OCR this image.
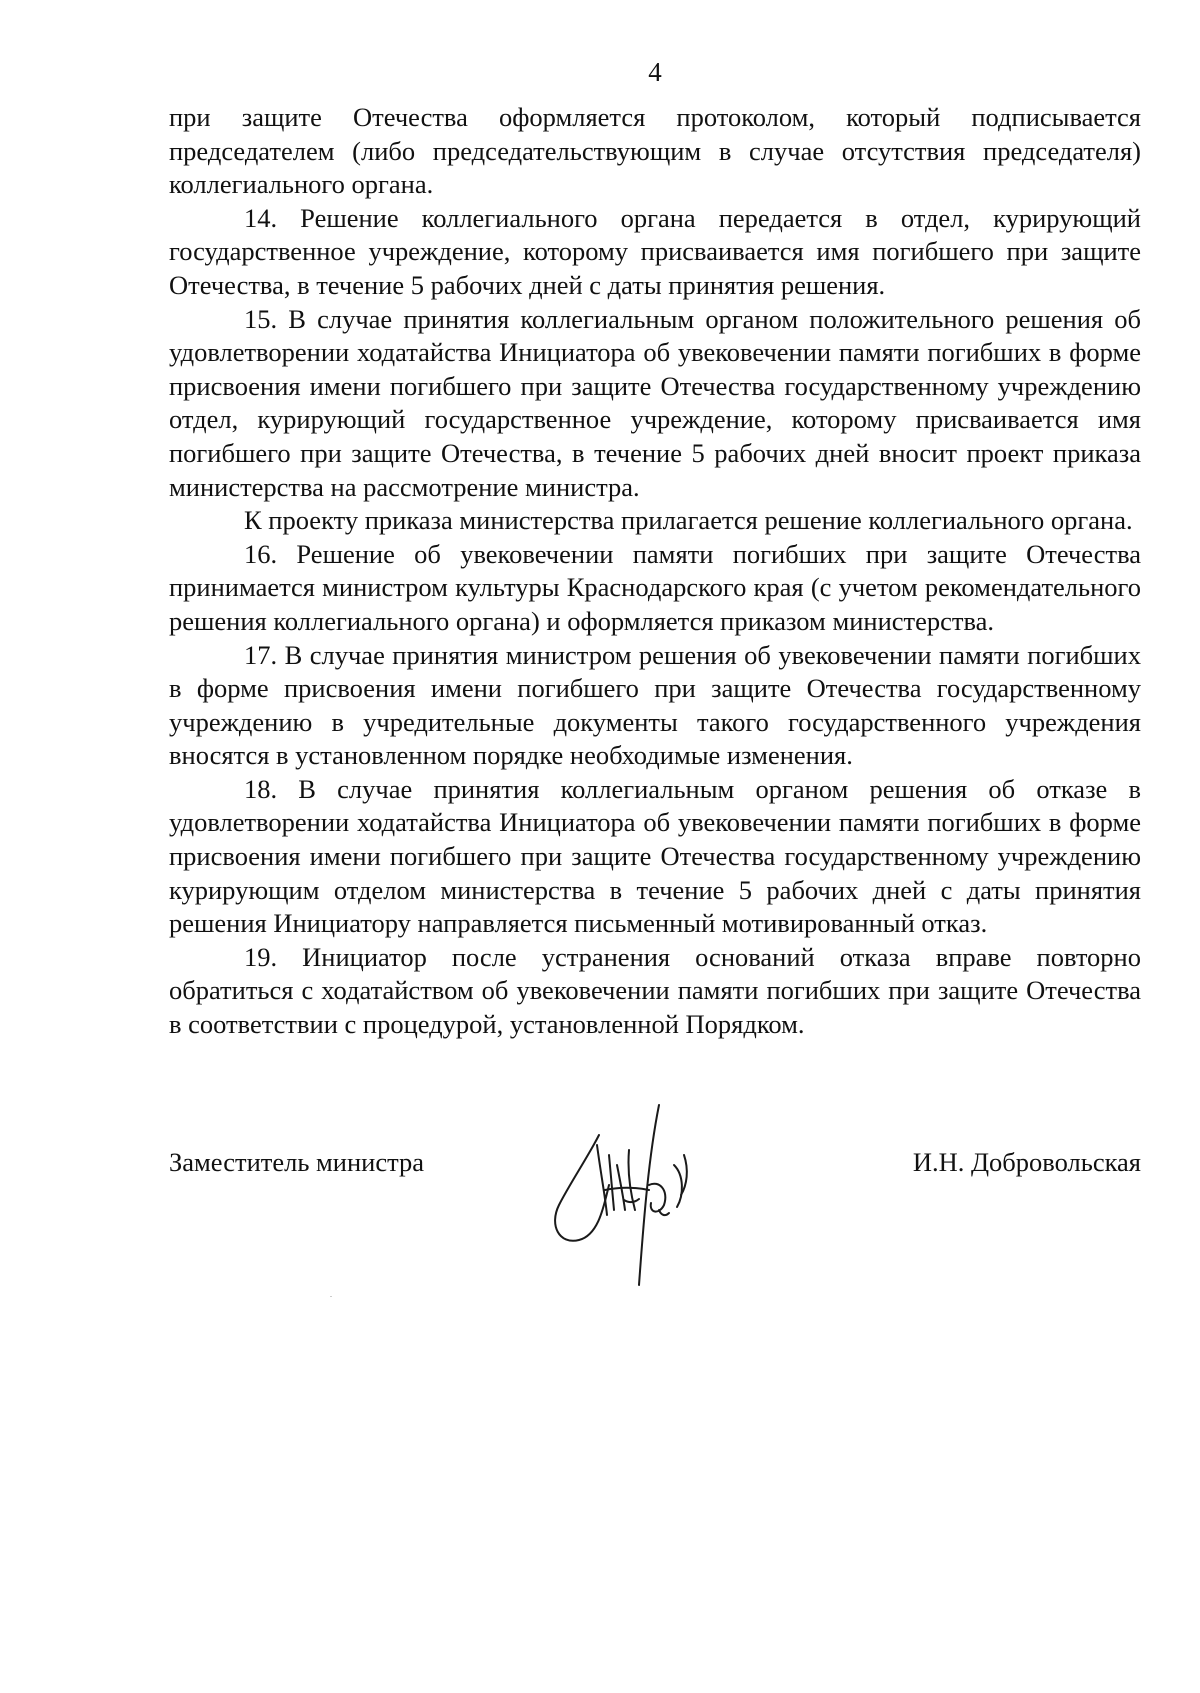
4

при защите Отечества оформляется протоколом, который подписывается председателем (либо председательствующим в случае отсутствия председателя) коллегиального органа.

14. Решение коллегиального органа передается в отдел, курирующий государственное учреждение, которому присваивается имя погибшего при защите Отечества, в течение 5 рабочих дней с даты принятия решения.

15. В случае принятия коллегиальным органом положительного решения об удовлетворении ходатайства Инициатора об увековечении памяти погибших в форме присвоения имени погибшего при защите Отечества государственному учреждению отдел, курирующий государственное учреждение, которому присваивается имя погибшего при защите Отечества, в течение 5 рабочих дней вносит проект приказа министерства на рассмотрение министра.

К проекту приказа министерства прилагается решение коллегиального органа.

16. Решение об увековечении памяти погибших при защите Отечества принимается министром культуры Краснодарского края (с учетом рекомендательного решения коллегиального органа) и оформляется приказом министерства.

17. В случае принятия министром решения об увековечении памяти погибших в форме присвоения имени погибшего при защите Отечества государственному учреждению в учредительные документы такого государственного учреждения вносятся в установленном порядке необходимые изменения.

18. В случае принятия коллегиальным органом решения об отказе в удовлетворении ходатайства Инициатора об увековечении памяти погибших в форме присвоения имени погибшего при защите Отечества государственному учреждению курирующим отделом министерства в течение 5 рабочих дней с даты принятия решения Инициатору направляется письменный мотивированный отказ.

19. Инициатор после устранения оснований отказа вправе повторно обратиться с ходатайством об увековечении памяти погибших при защите Отечества в соответствии с процедурой, установленной Порядком.

Заместитель министра	И.Н. Добровольская
